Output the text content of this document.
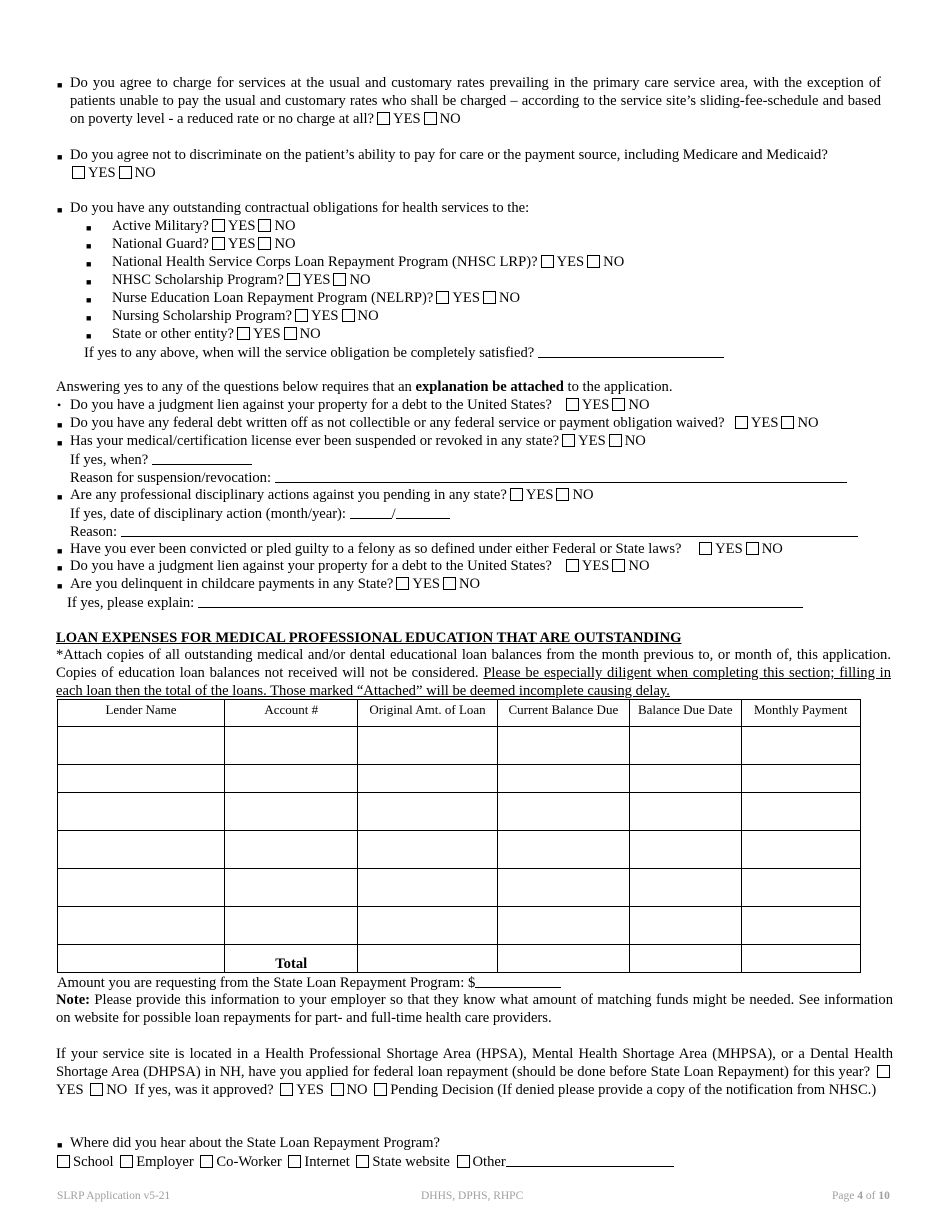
■ Do you agree to charge for services at the usual and customary rates prevailing in the primary care service area, with the exception of patients unable to pay the usual and customary rates who shall be charged – according to the service site’s sliding-fee-schedule and based on poverty level - a reduced rate or no charge at all? YES NO
■ Do you agree not to discriminate on the patient’s ability to pay for care or the payment source, including Medicare and Medicaid?
YES NO
■ Do you have any outstanding contractual obligations for health services to the:
■ Active Military? YES NO
■ National Guard? YES NO
■ National Health Service Corps Loan Repayment Program (NHSC LRP)? YES NO
■ NHSC Scholarship Program? YES NO
■ Nurse Education Loan Repayment Program (NELRP)? YES NO
■ Nursing Scholarship Program? YES NO
■ State or other entity? YES NO
If yes to any above, when will the service obligation be completely satisfied?
Answering yes to any of the questions below requires that an explanation be attached to the application.
• Do you have a judgment lien against your property for a debt to the United States? YES NO
■ Do you have any federal debt written off as not collectible or any federal service or payment obligation waived? YES NO
■ Has your medical/certification license ever been suspended or revoked in any state? YES NO
If yes, when?
Reason for suspension/revocation:
■ Are any professional disciplinary actions against you pending in any state? YES NO
If yes, date of disciplinary action (month/year):	/
Reason:
■ Have you ever been convicted or pled guilty to a felony as so defined under either Federal or State laws? YES NO
■ Do you have a judgment lien against your property for a debt to the United States? YES NO
■ Are you delinquent in childcare payments in any State? YES NO
If yes, please explain:
LOAN EXPENSES FOR MEDICAL PROFESSIONAL EDUCATION THAT ARE OUTSTANDING
*Attach copies of all outstanding medical and/or dental educational loan balances from the month previous to, or month of, this application. Copies of education loan balances not received will not be considered. Please be especially diligent when completing this section; filling in each loan then the total of the loans. Those marked “Attached” will be deemed incomplete causing delay.
Lender Name	Account #	Original Amt. of Loan	Current Balance Due	Balance Due Date	Monthly Payment

	Total				
Amount you are requesting from the State Loan Repayment Program: $
Note: Please provide this information to your employer so that they know what amount of matching funds might be needed. See information on website for possible loan repayments for part- and full-time health care providers.
If your service site is located in a Health Professional Shortage Area (HPSA), Mental Health Shortage Area (MHPSA), or a Dental Health Shortage Area (DHPSA) in NH, have you applied for federal loan repayment (should be done before State Loan Repayment) for this year? YES NO If yes, was it approved? YES NO Pending Decision (If denied please provide a copy of the notification from NHSC.)
■ Where did you hear about the State Loan Repayment Program?
School Employer Co-Worker Internet State website Other
SLRP Application v5-21	DHHS, DPHS, RHPC	Page 4 of 10
